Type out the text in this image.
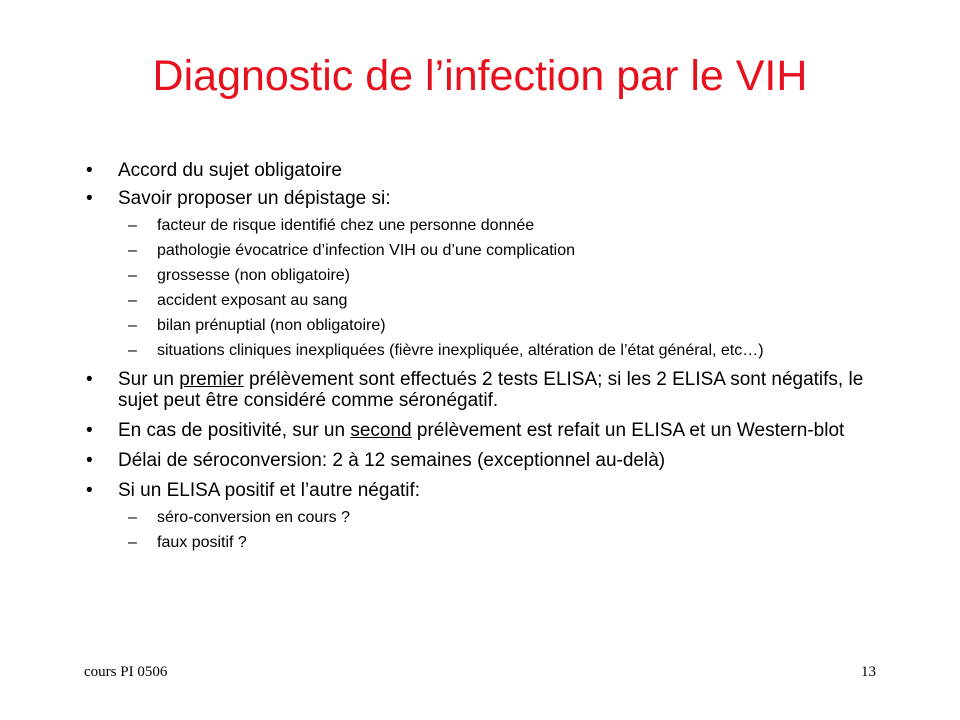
Diagnostic de l’infection par le VIH
• Accord du sujet obligatoire
• Savoir proposer un dépistage si:
– facteur de risque identifié chez une personne donnée
– pathologie évocatrice d’infection VIH ou d’une complication
– grossesse (non obligatoire)
– accident exposant au sang
– bilan prénuptial (non obligatoire)
– situations cliniques inexpliquées (fièvre inexpliquée, altération de l’état général, etc…)
• Sur un premier prélèvement sont effectués 2 tests ELISA; si les 2 ELISA sont négatifs, le sujet peut être considéré comme séronégatif.
• En cas de positivité, sur un second prélèvement est refait un ELISA et un Western-blot
• Délai de séroconversion: 2 à 12 semaines (exceptionnel au-delà)
• Si un ELISA positif et l’autre négatif:
– séro-conversion en cours ?
– faux positif ?
cours PI 0506	13
